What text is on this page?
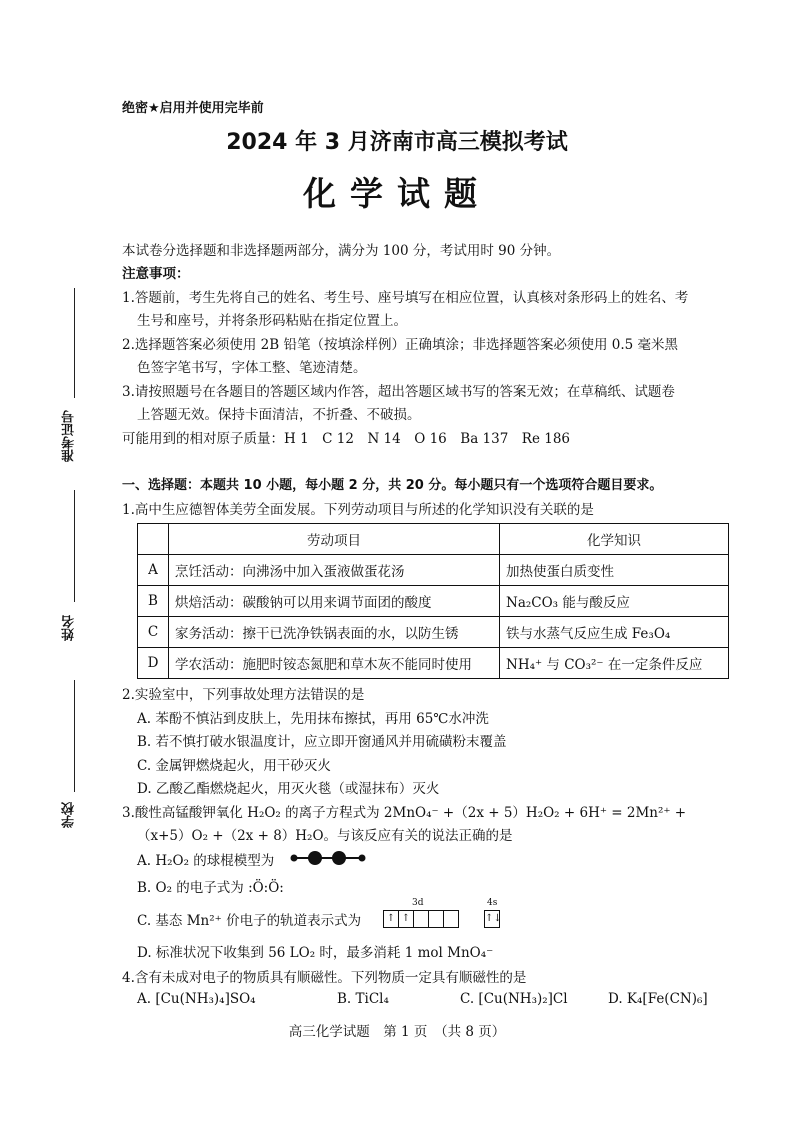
绝密★启用并使用完毕前
2024 年 3 月济南市高三模拟考试
化学试题
准考证号
姓名
学校
本试卷分选择题和非选择题两部分，满分为 100 分，考试用时 90 分钟。
注意事项：
1.答题前，考生先将自己的姓名、考生号、座号填写在相应位置，认真核对条形码上的姓名、考
生号和座号，并将条形码粘贴在指定位置上。
2.选择题答案必须使用 2B 铅笔（按填涂样例）正确填涂；非选择题答案必须使用 0.5 毫米黑
色签字笔书写，字体工整、笔迹清楚。
3.请按照题号在各题目的答题区域内作答，超出答题区域书写的答案无效；在草稿纸、试题卷
上答题无效。保持卡面清洁，不折叠、不破损。
可能用到的相对原子质量：H 1　C 12　N 14　O 16　Ba 137　Re 186
一、选择题：本题共 10 小题，每小题 2 分，共 20 分。每小题只有一个选项符合题目要求。
1.高中生应德智体美劳全面发展。下列劳动项目与所述的化学知识没有关联的是
	劳动项目	化学知识
A	烹饪活动：向沸汤中加入蛋液做蛋花汤	加热使蛋白质变性
B	烘焙活动：碳酸钠可以用来调节面团的酸度	Na₂CO₃ 能与酸反应
C	家务活动：擦干已洗净铁锅表面的水，以防生锈	铁与水蒸气反应生成 Fe₃O₄
D	学农活动：施肥时铵态氮肥和草木灰不能同时使用	NH₄⁺ 与 CO₃²⁻ 在一定条件反应
2.实验室中，下列事故处理方法错误的是
A. 苯酚不慎沾到皮肤上，先用抹布擦拭，再用 65℃水冲洗
B. 若不慎打破水银温度计，应立即开窗通风并用硫磺粉末覆盖
C. 金属钾燃烧起火，用干砂灭火
D. 乙酸乙酯燃烧起火，用灭火毯（或湿抹布）灭火
3.酸性高锰酸钾氧化 H₂O₂ 的离子方程式为 2MnO₄⁻ +（2x + 5）H₂O₂ + 6H⁺ = 2Mn²⁺ +
（x+5）O₂ +（2x + 8）H₂O。与该反应有关的说法正确的是
A. H₂O₂ 的球棍模型为
B. O₂ 的电子式为 :Ö:Ö:
C. 基态 Mn²⁺ 价电子的轨道表示式为
3d	4s
↑ ↑	↑↓
D. 标准状况下收集到 56 LO₂ 时，最多消耗 1 mol MnO₄⁻
4.含有未成对电子的物质具有顺磁性。下列物质一定具有顺磁性的是
A. [Cu(NH₃)₄]SO₄	B. TiCl₄	C. [Cu(NH₃)₂]Cl	D. K₄[Fe(CN)₆]
高三化学试题　第 1 页　（共 8 页）
